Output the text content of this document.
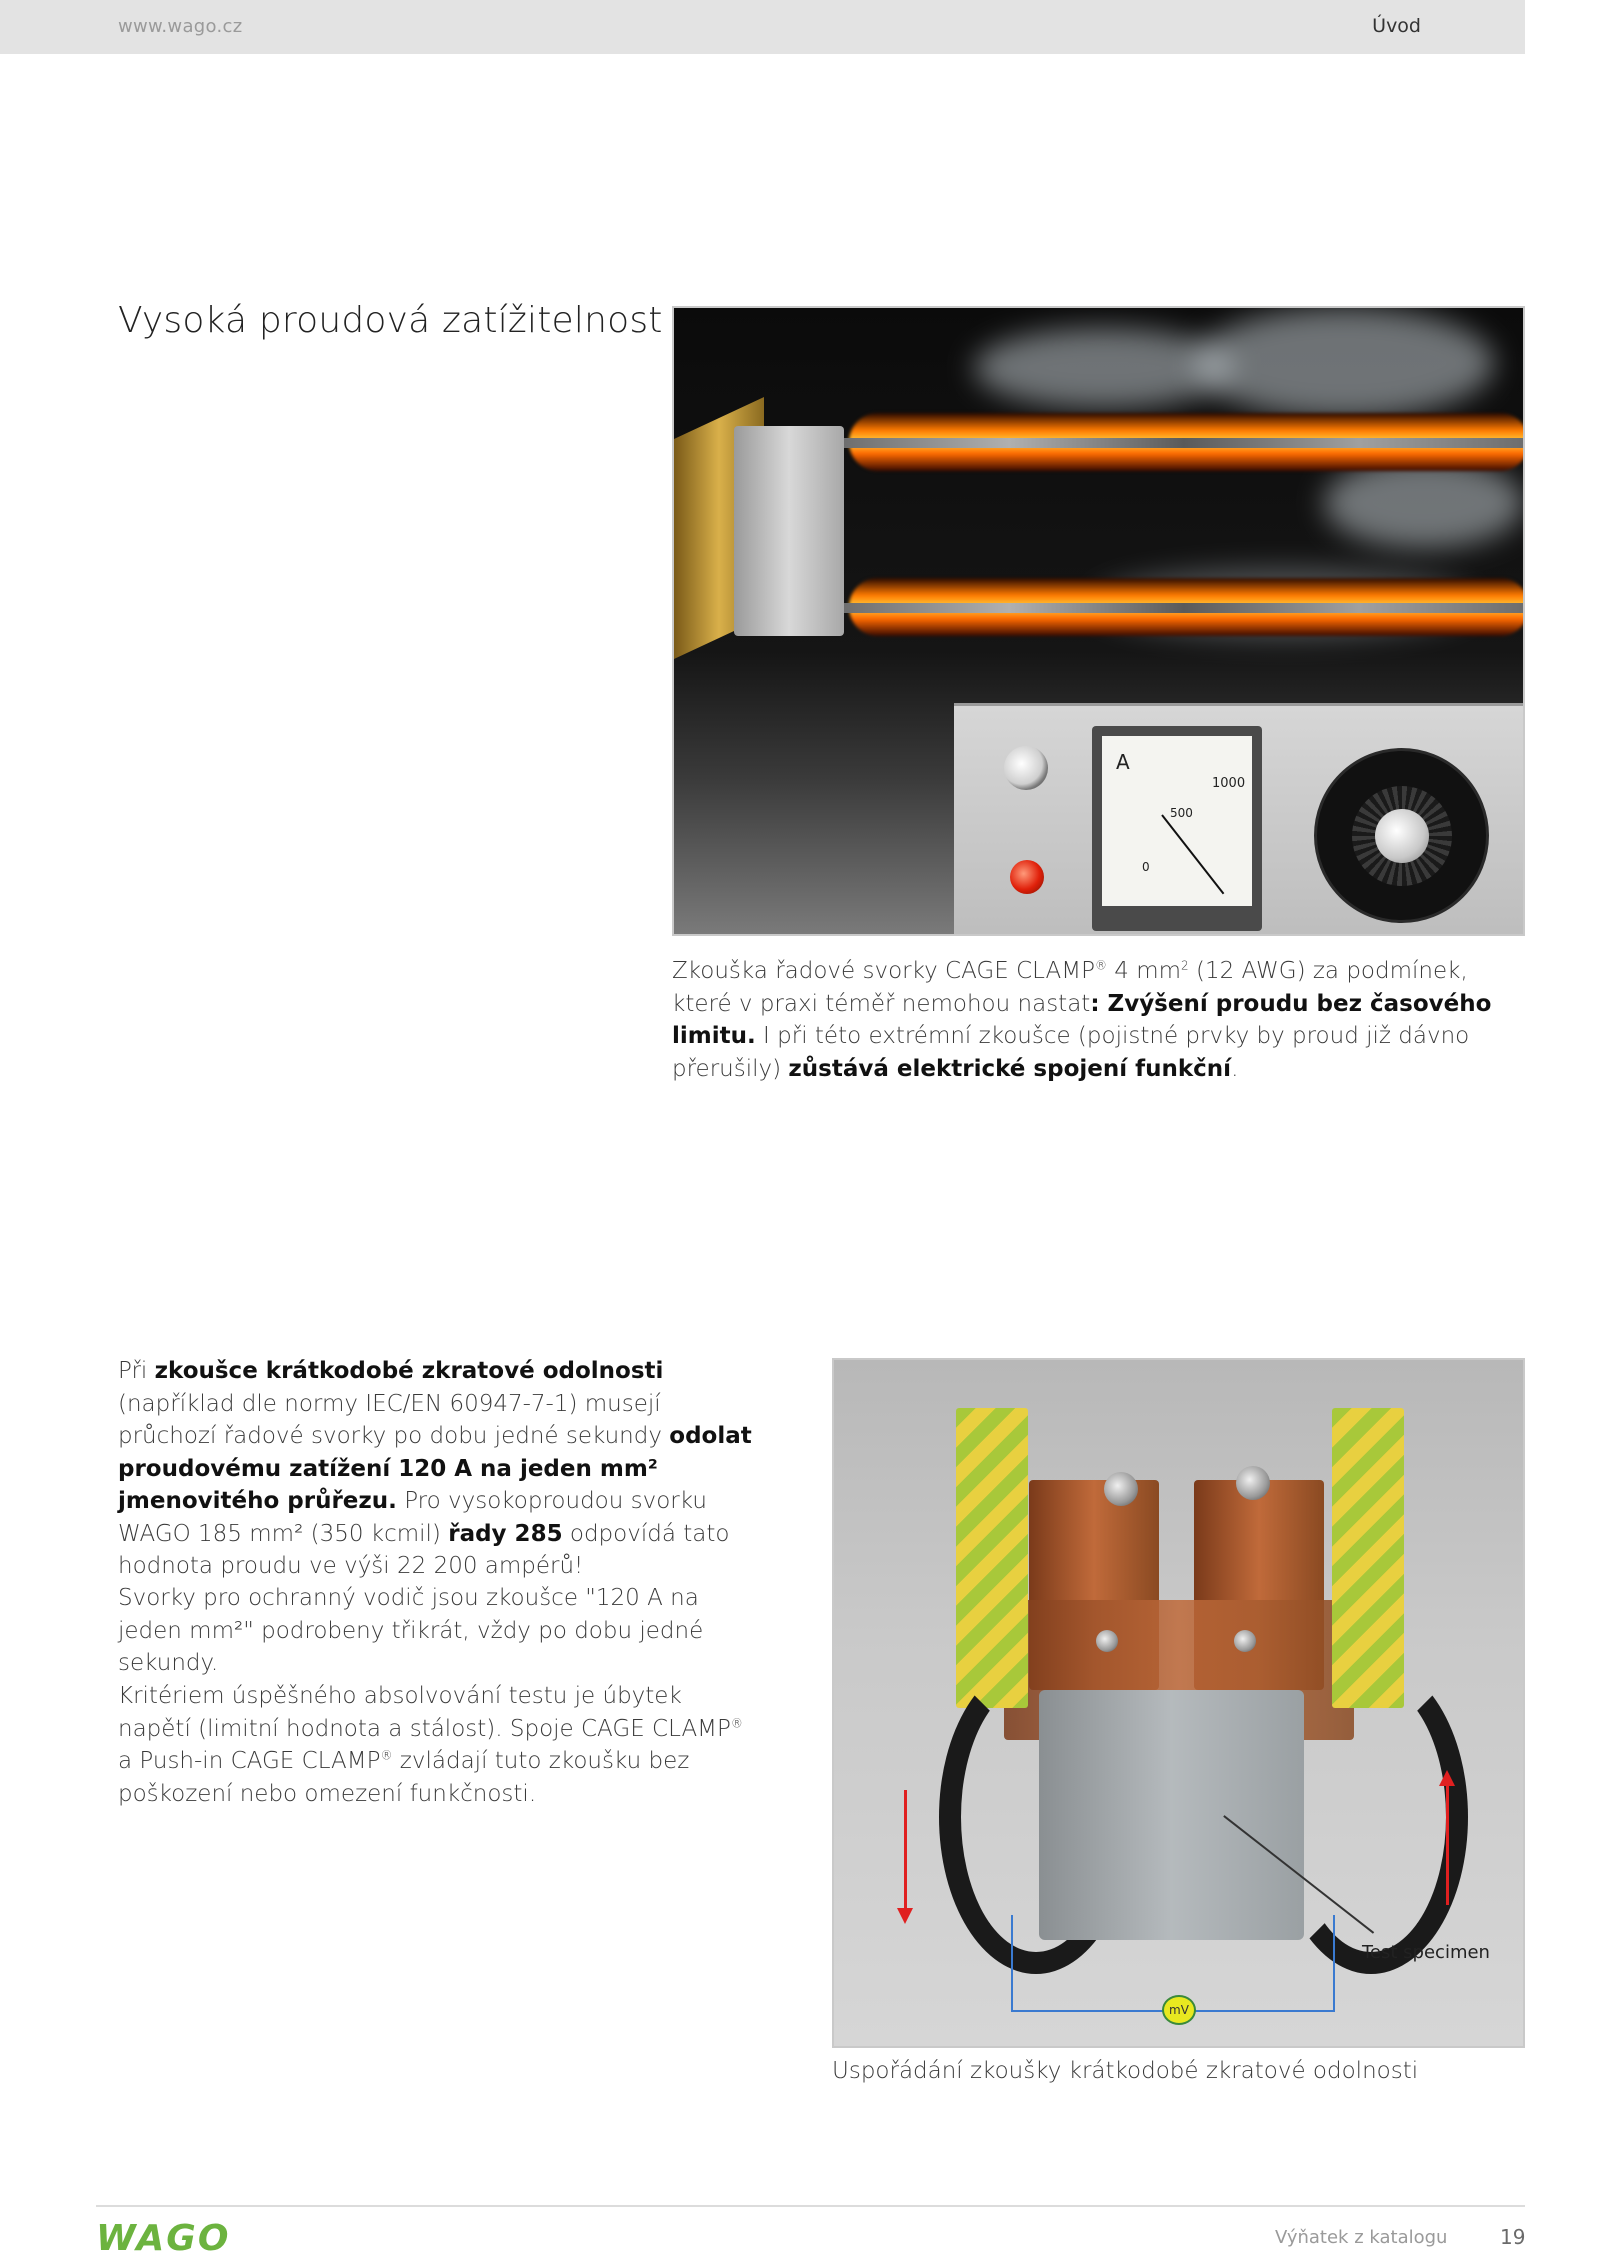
www.wago.cz	Úvod
Vysoká proudová zatížitelnost
A
1000
500
0

Zkouška řadové svorky CAGE CLAMP® 4 $mm^2$ (12 AWG) za podmínek, které v praxi téměř nemohou nastat: Zvýšení proudu bez časového limitu. I při této extrémní zkoušce (pojistné prvky by proud již dávno přerušily) zůstává elektrické spojení funkční.

Při zkoušce krátkodobé zkratové odolnosti (například dle normy IEC/EN 60947-7-1) musejí průchozí řadové svorky po dobu jedné sekundy odolat proudovému zatížení 120 A na jeden mm² jmenovitého průřezu. Pro vysokoproudou svorku WAGO 185 mm² (350 kcmil) řady 285 odpovídá tato hodnota proudu ve výši 22 200 ampérů!

Svorky pro ochranný vodič jsou zkoušce "120 A na jeden mm²" podrobeny třikrát, vždy po dobu jedné sekundy.

Kritériem úspěšného absolvování testu je úbytek napětí (limitní hodnota a stálost). Spoje CAGE CLAMP® a Push-in CAGE CLAMP® zvládají tuto zkoušku bez poškození nebo omezení funkčnosti.

mV
Test specimen

Uspořádání zkoušky krátkodobé zkratové odolnosti

WAGO	Výňatek z katalogu	19
